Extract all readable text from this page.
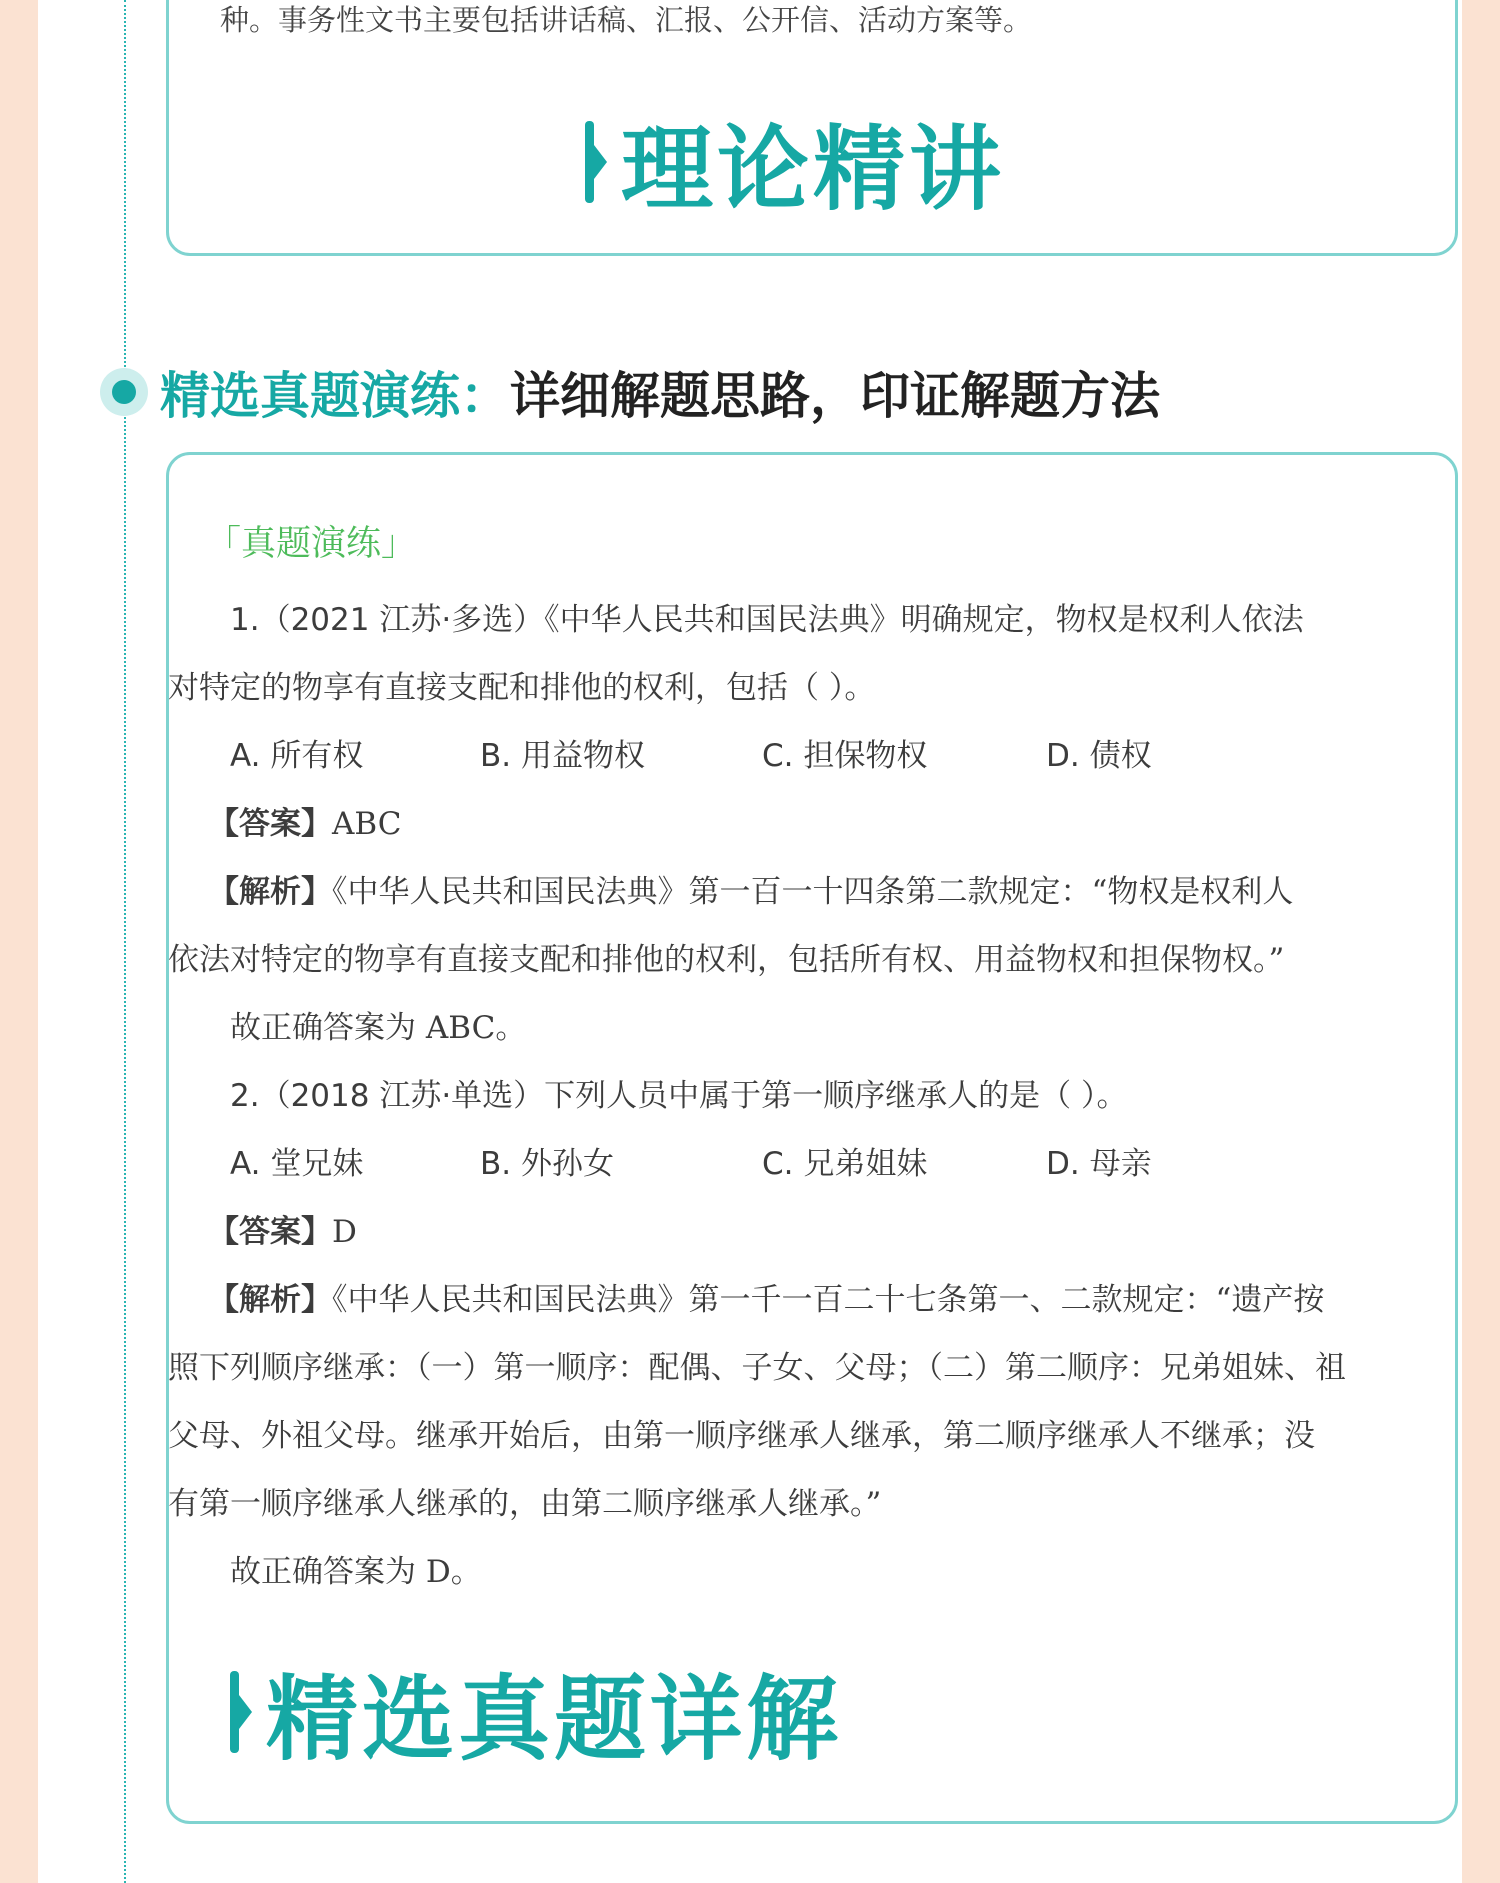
种。事务性文书主要包括讲话稿、汇报、公开信、活动方案等。
理论精讲
精选真题演练： 详细解题思路，印证解题方法
「真题演练」
1.（2021 江苏·多选）《中华人民共和国民法典》明确规定，物权是权利人依法
对特定的物享有直接支配和排他的权利，包括（ ）。
A. 所有权	B. 用益物权	C. 担保物权	D. 债权
【答案】ABC
【解析】《中华人民共和国民法典》第一百一十四条第二款规定：“物权是权利人
依法对特定的物享有直接支配和排他的权利，包括所有权、用益物权和担保物权。”
故正确答案为 ABC。
2.（2018 江苏·单选）下列人员中属于第一顺序继承人的是（ ）。
A. 堂兄妹	B. 外孙女	C. 兄弟姐妹	D. 母亲
【答案】D
【解析】《中华人民共和国民法典》第一千一百二十七条第一、二款规定：“遗产按
照下列顺序继承：（一）第一顺序：配偶、子女、父母；（二）第二顺序：兄弟姐妹、祖
父母、外祖父母。继承开始后，由第一顺序继承人继承，第二顺序继承人不继承；没
有第一顺序继承人继承的，由第二顺序继承人继承。”
故正确答案为 D。
精选真题详解
